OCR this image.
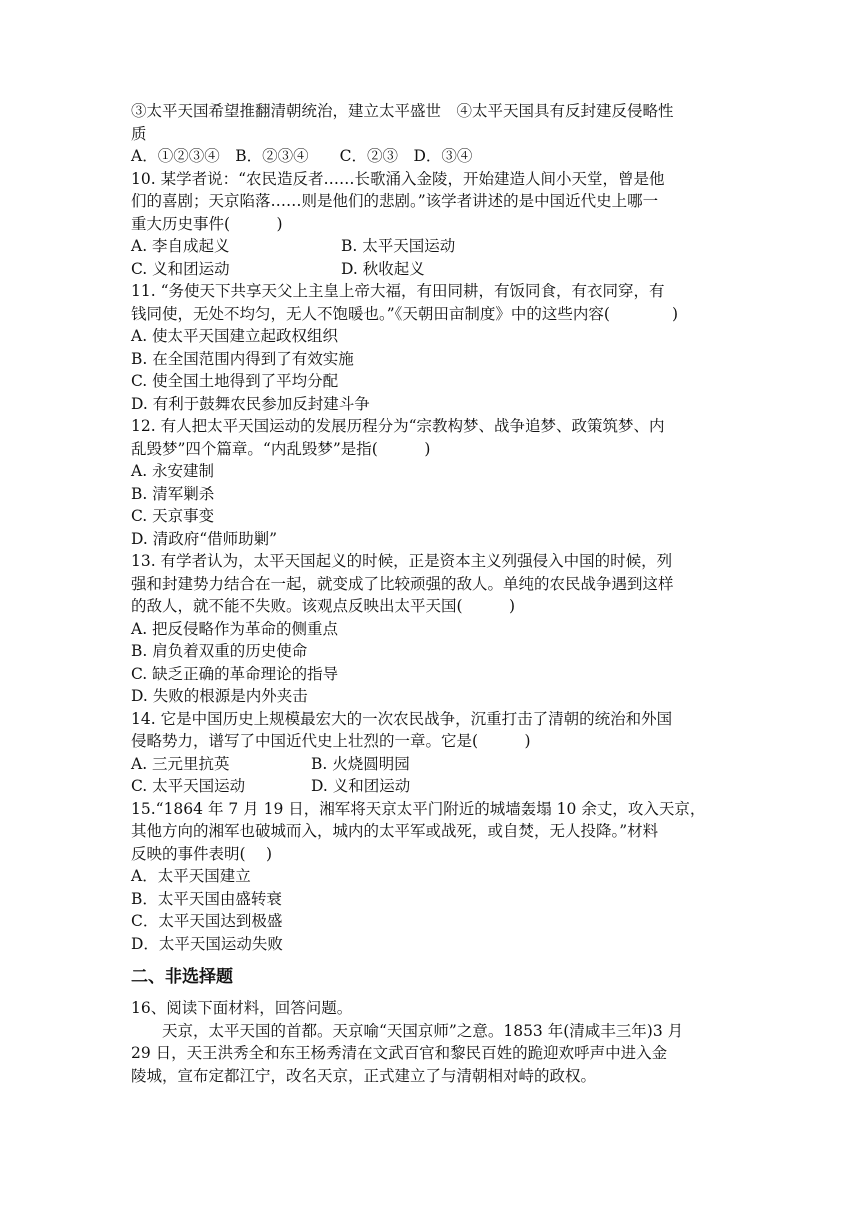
③太平天国希望推翻清朝统治，建立太平盛世　④太平天国具有反封建反侵略性
质
A．①②③④　B．②③④　　C．②③　D．③④
10. 某学者说：“农民造反者……长歌涌入金陵，开始建造人间小天堂，曾是他
们的喜剧；天京陷落……则是他们的悲剧。”该学者讲述的是中国近代史上哪一
重大历史事件(　　　)
A. 李自成起义	B. 太平天国运动
C. 义和团运动	D. 秋收起义
11. “务使天下共享天父上主皇上帝大福，有田同耕，有饭同食，有衣同穿，有
钱同使，无处不均匀，无人不饱暖也。”《天朝田亩制度》中的这些内容(　　　　)
A. 使太平天国建立起政权组织
B. 在全国范围内得到了有效实施
C. 使全国土地得到了平均分配
D. 有利于鼓舞农民参加反封建斗争
12. 有人把太平天国运动的发展历程分为“宗教构梦、战争追梦、政策筑梦、内
乱毁梦”四个篇章。“内乱毁梦”是指(　　　)
A. 永安建制
B. 清军剿杀
C. 天京事变
D. 清政府“借师助剿”
13. 有学者认为，太平天国起义的时候，正是资本主义列强侵入中国的时候，列
强和封建势力结合在一起，就变成了比较顽强的敌人。单纯的农民战争遇到这样
的敌人，就不能不失败。该观点反映出太平天国(　　　)
A. 把反侵略作为革命的侧重点
B. 肩负着双重的历史使命
C. 缺乏正确的革命理论的指导
D. 失败的根源是内外夹击
14. 它是中国历史上规模最宏大的一次农民战争，沉重打击了清朝的统治和外国
侵略势力，谱写了中国近代史上壮烈的一章。它是(　　　)
A. 三元里抗英	B. 火烧圆明园
C. 太平天国运动	D. 义和团运动
15.“1864 年 7 月 19 日，湘军将天京太平门附近的城墙轰塌 10 余丈，攻入天京，
其他方向的湘军也破城而入，城内的太平军或战死，或自焚，无人投降。”材料
反映的事件表明(　 )
A．太平天国建立
B．太平天国由盛转衰
C．太平天国达到极盛
D．太平天国运动失败
二、非选择题
16、阅读下面材料，回答问题。
天京，太平天国的首都。天京喻“天国京师”之意。1853 年(清咸丰三年)3 月
29 日，天王洪秀全和东王杨秀清在文武百官和黎民百姓的跪迎欢呼声中进入金
陵城，宣布定都江宁，改名天京，正式建立了与清朝相对峙的政权。
